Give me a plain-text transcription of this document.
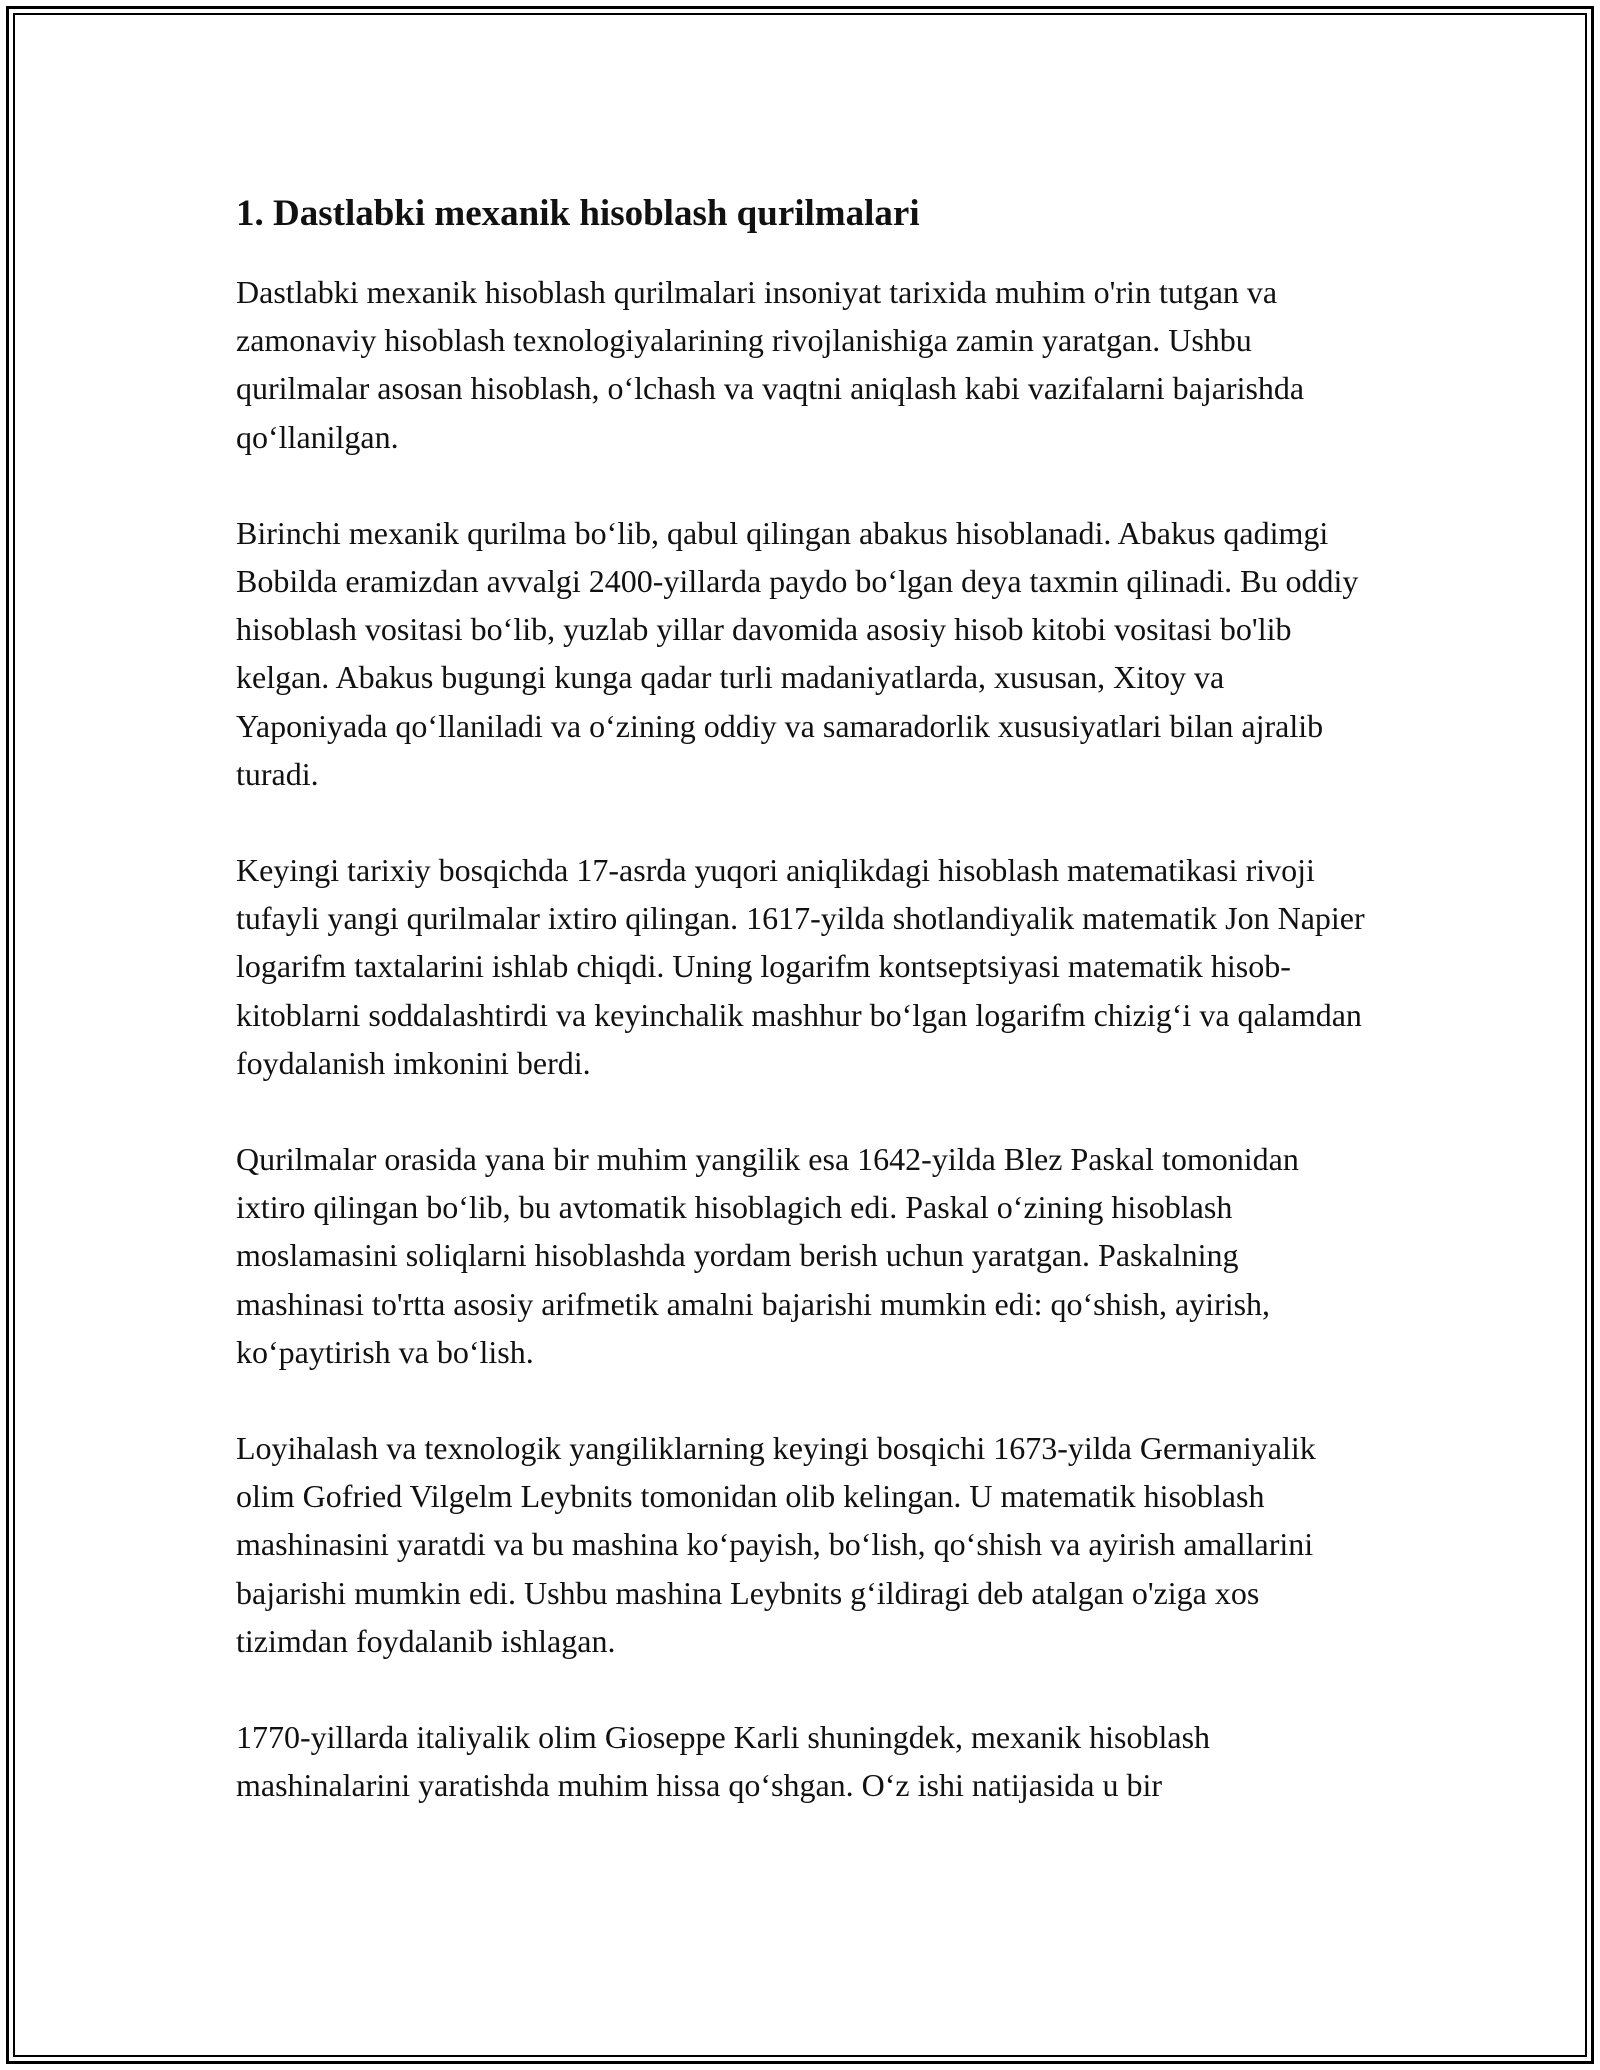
1. Dastlabki mexanik hisoblash qurilmalari

Dastlabki mexanik hisoblash qurilmalari insoniyat tarixida muhim o'rin tutgan va zamonaviy hisoblash texnologiyalarining rivojlanishiga zamin yaratgan. Ushbu qurilmalar asosan hisoblash, oʻlchash va vaqtni aniqlash kabi vazifalarni bajarishda qoʻllanilgan.

Birinchi mexanik qurilma boʻlib, qabul qilingan abakus hisoblanadi. Abakus qadimgi Bobilda eramizdan avvalgi 2400-yillarda paydo boʻlgan deya taxmin qilinadi. Bu oddiy hisoblash vositasi boʻlib, yuzlab yillar davomida asosiy hisob kitobi vositasi bo'lib kelgan. Abakus bugungi kunga qadar turli madaniyatlarda, xususan, Xitoy va Yaponiyada qoʻllaniladi va oʻzining oddiy va samaradorlik xususiyatlari bilan ajralib turadi.

Keyingi tarixiy bosqichda 17-asrda yuqori aniqlikdagi hisoblash matematikasi rivoji tufayli yangi qurilmalar ixtiro qilingan. 1617-yilda shotlandiyalik matematik Jon Napier logarifm taxtalarini ishlab chiqdi. Uning logarifm kontseptsiyasi matematik hisob-kitoblarni soddalashtirdi va keyinchalik mashhur boʻlgan logarifm chizigʻi va qalamdan foydalanish imkonini berdi.

Qurilmalar orasida yana bir muhim yangilik esa 1642-yilda Blez Paskal tomonidan ixtiro qilingan boʻlib, bu avtomatik hisoblagich edi. Paskal oʻzining hisoblash moslamasini soliqlarni hisoblashda yordam berish uchun yaratgan. Paskalning mashinasi to'rtta asosiy arifmetik amalni bajarishi mumkin edi: qoʻshish, ayirish, koʻpaytirish va boʻlish.

Loyihalash va texnologik yangiliklarning keyingi bosqichi 1673-yilda Germaniyalik olim Gofried Vilgelm Leybnits tomonidan olib kelingan. U matematik hisoblash mashinasini yaratdi va bu mashina koʻpayish, boʻlish, qoʻshish va ayirish amallarini bajarishi mumkin edi. Ushbu mashina Leybnits gʻildiragi deb atalgan o'ziga xos tizimdan foydalanib ishlagan.

1770-yillarda italiyalik olim Gioseppe Karli shuningdek, mexanik hisoblash mashinalarini yaratishda muhim hissa qoʻshgan. Oʻz ishi natijasida u bir
